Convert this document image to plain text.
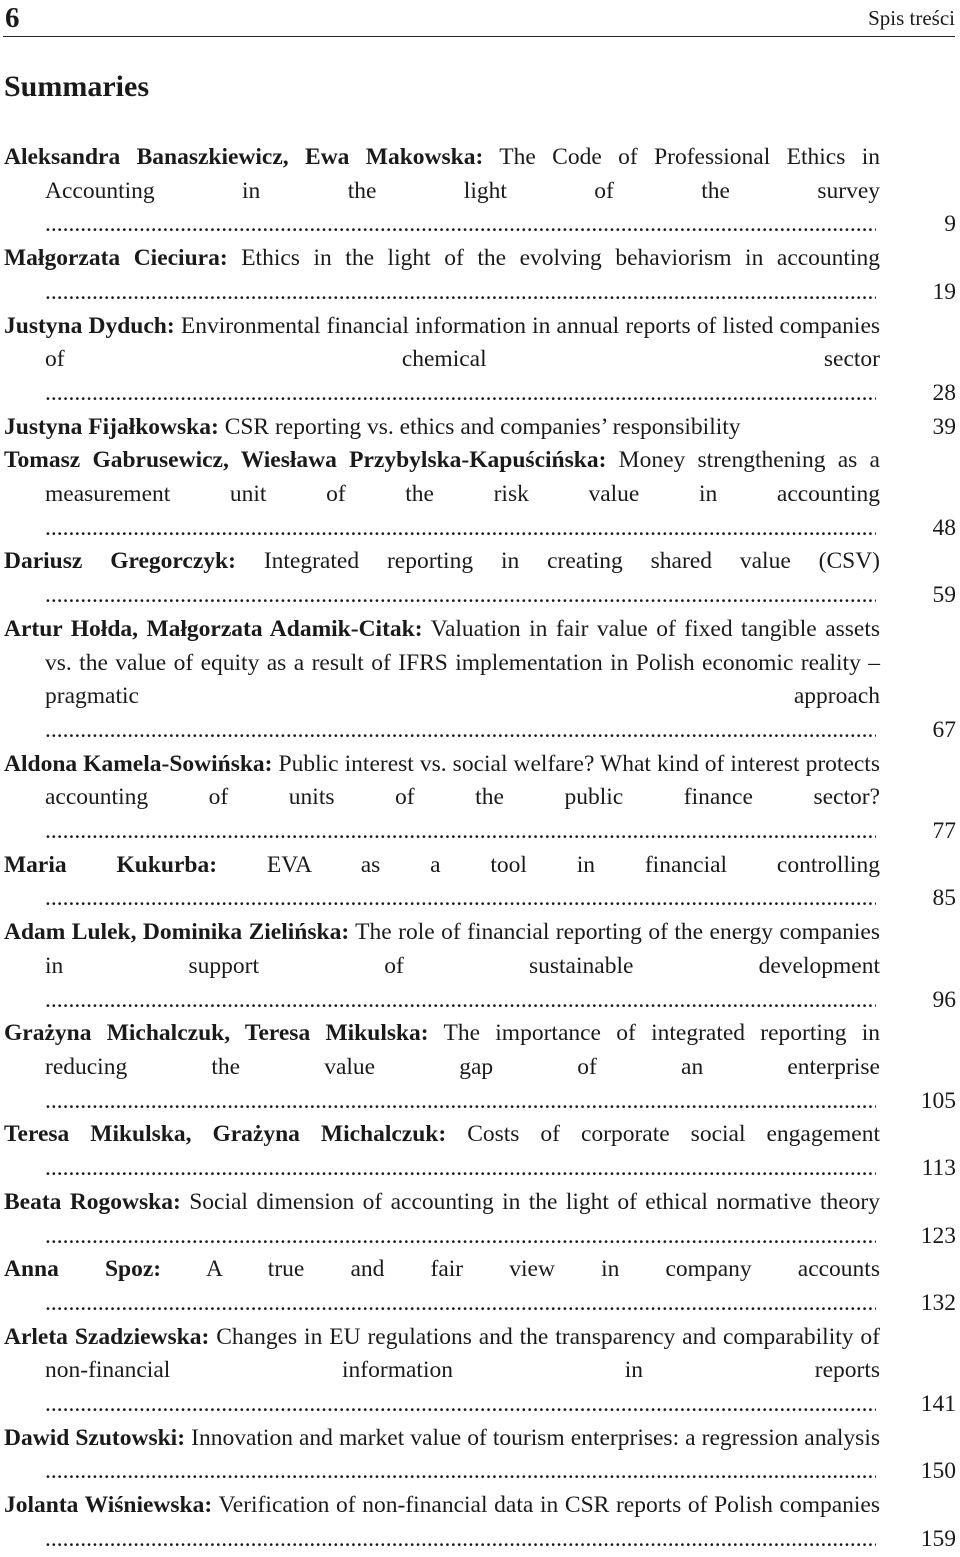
6	Spis treści
Summaries
Aleksandra Banaszkiewicz, Ewa Makowska: The Code of Professional Ethics in Accounting in the light of the survey .....
9
Małgorzata Cieciura: Ethics in the light of the evolving behaviorism in accounting .....
19
Justyna Dyduch: Environmental financial information in annual reports of listed companies of chemical sector .....
28
Justyna Fijałkowska: CSR reporting vs. ethics and companies’ responsibility	39
Tomasz Gabrusewicz, Wiesława Przybylska-Kapuścińska: Money strengthening as a measurement unit of the risk value in accounting .....
48
Dariusz Gregorczyk: Integrated reporting in creating shared value (CSV) .....
59
Artur Hołda, Małgorzata Adamik-Citak: Valuation in fair value of fixed tangible assets vs. the value of equity as a result of IFRS implementation in Polish economic reality – pragmatic approach .....
67
Aldona Kamela-Sowińska: Public interest vs. social welfare? What kind of interest protects accounting of units of the public finance sector? .....
77
Maria Kukurba: EVA as a tool in financial controlling .....
85
Adam Lulek, Dominika Zielińska: The role of financial reporting of the energy companies in support of sustainable development .....
96
Grażyna Michalczuk, Teresa Mikulska: The importance of integrated reporting in reducing the value gap of an enterprise .....
105
Teresa Mikulska, Grażyna Michalczuk: Costs of corporate social engagement .....
113
Beata Rogowska: Social dimension of accounting in the light of ethical normative theory .....
123
Anna Spoz: A true and fair view in company accounts .....
132
Arleta Szadziewska: Changes in EU regulations and the transparency and comparability of non-financial information in reports .....
141
Dawid Szutowski: Innovation and market value of tourism enterprises: a regression analysis .....
150
Jolanta Wiśniewska: Verification of non-financial data in CSR reports of Polish companies .....
159
